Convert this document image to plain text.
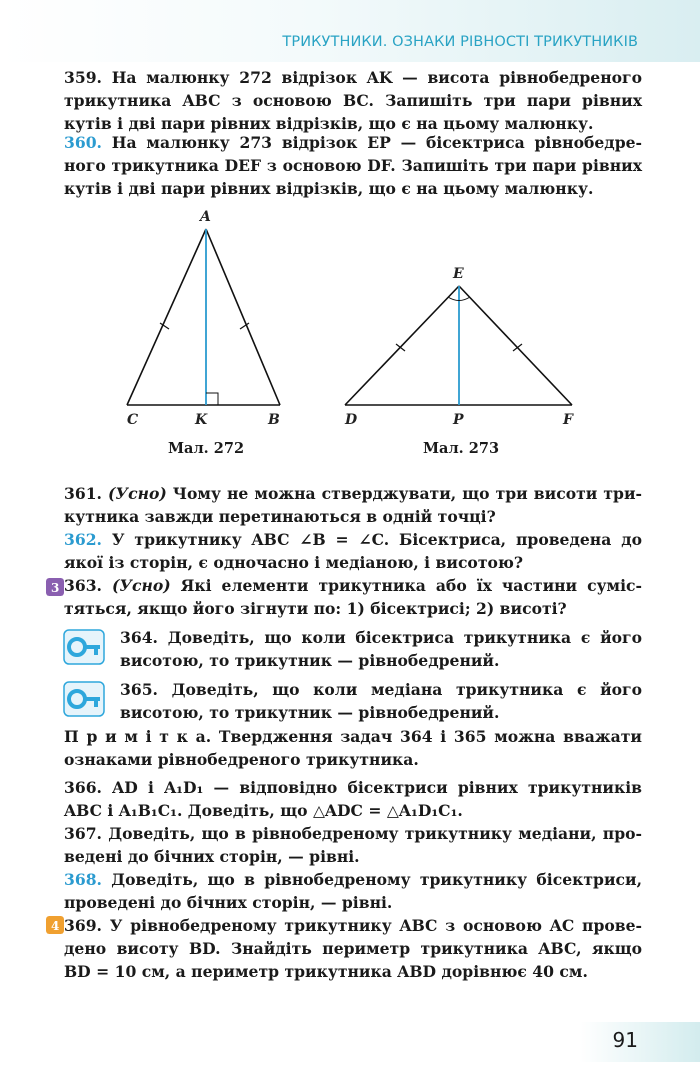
ТРИКУТНИКИ. ОЗНАКИ РІВНОСТІ ТРИКУТНИКІВ
359. На малюнку 272 відрізок AK — висота рівнобедреного
трикутника ABC з основою BC. Запишіть три пари рівних
кутів і дві пари рівних відрізків, що є на цьому малюнку.
360. На малюнку 273 відрізок EP — бісектриса рівнобедре-
ного трикутника DEF з основою DF. Запишіть три пари рівних
кутів і дві пари рівних відрізків, що є на цьому малюнку.
A
C	K	B
Мал. 272
E
D	P	F
Мал. 273
361. (Усно) Чому не можна стверджувати, що три висоти три-
кутника завжди перетинаються в одній точці?
362. У трикутнику ABC ∠B = ∠C. Бісектриса, проведена до
якої із сторін, є одночасно і медіаною, і висотою?
3 363. (Усно) Які елементи трикутника або їх частини суміс-
тяться, якщо його зігнути по: 1) бісектрисі; 2) висоті?
364. Доведіть, що коли бісектриса трикутника є його
висотою, то трикутник — рівнобедрений.
365. Доведіть, що коли медіана трикутника є його
висотою, то трикутник — рівнобедрений.
П р и м і т к а. Твердження задач 364 і 365 можна вважати
ознаками рівнобедреного трикутника.
366. AD і A₁D₁ — відповідно бісектриси рівних трикутників
ABC і A₁B₁C₁. Доведіть, що △ADC = △A₁D₁C₁.
367. Доведіть, що в рівнобедреному трикутнику медіани, про-
ведені до бічних сторін, — рівні.
368. Доведіть, що в рівнобедреному трикутнику бісектриси,
проведені до бічних сторін, — рівні.
4 369. У рівнобедреному трикутнику ABC з основою AC прове-
дено висоту BD. Знайдіть периметр трикутника ABC, якщо
BD = 10 см, а периметр трикутника ABD дорівнює 40 см.
91
